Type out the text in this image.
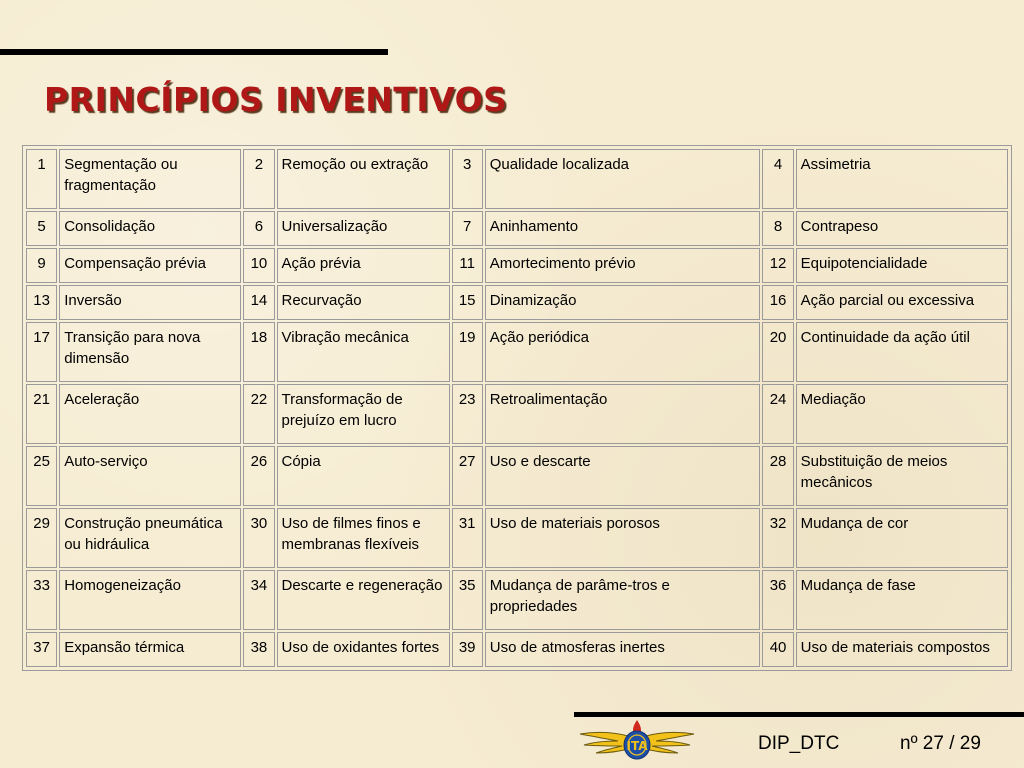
PRINCÍPIOS INVENTIVOS
1	Segmentação ou fragmentação	2	Remoção ou extração	3	Qualidade localizada	4	Assimetria
5	Consolidação	6	Universalização	7	Aninhamento	8	Contrapeso
9	Compensação prévia	10	Ação prévia	11	Amortecimento prévio	12	Equipotencialidade
13	Inversão	14	Recurvação	15	Dinamização	16	Ação parcial ou excessiva
17	Transição para nova dimensão	18	Vibração mecânica	19	Ação periódica	20	Continuidade da ação útil
21	Aceleração	22	Transformação de prejuízo em lucro	23	Retroalimentação	24	Mediação
25	Auto-serviço	26	Cópia	27	Uso e descarte	28	Substituição de meios mecânicos
29	Construção pneumática ou hidráulica	30	Uso de filmes finos e membranas flexíveis	31	Uso de materiais porosos	32	Mudança de cor
33	Homogeneização	34	Descarte e regeneração	35	Mudança de parâme-tros e propriedades	36	Mudança de fase
37	Expansão térmica	38	Uso de oxidantes fortes	39	Uso de atmosferas inertes	40	Uso de materiais compostos
ITA	DIP_DTC	nº 27 / 29
